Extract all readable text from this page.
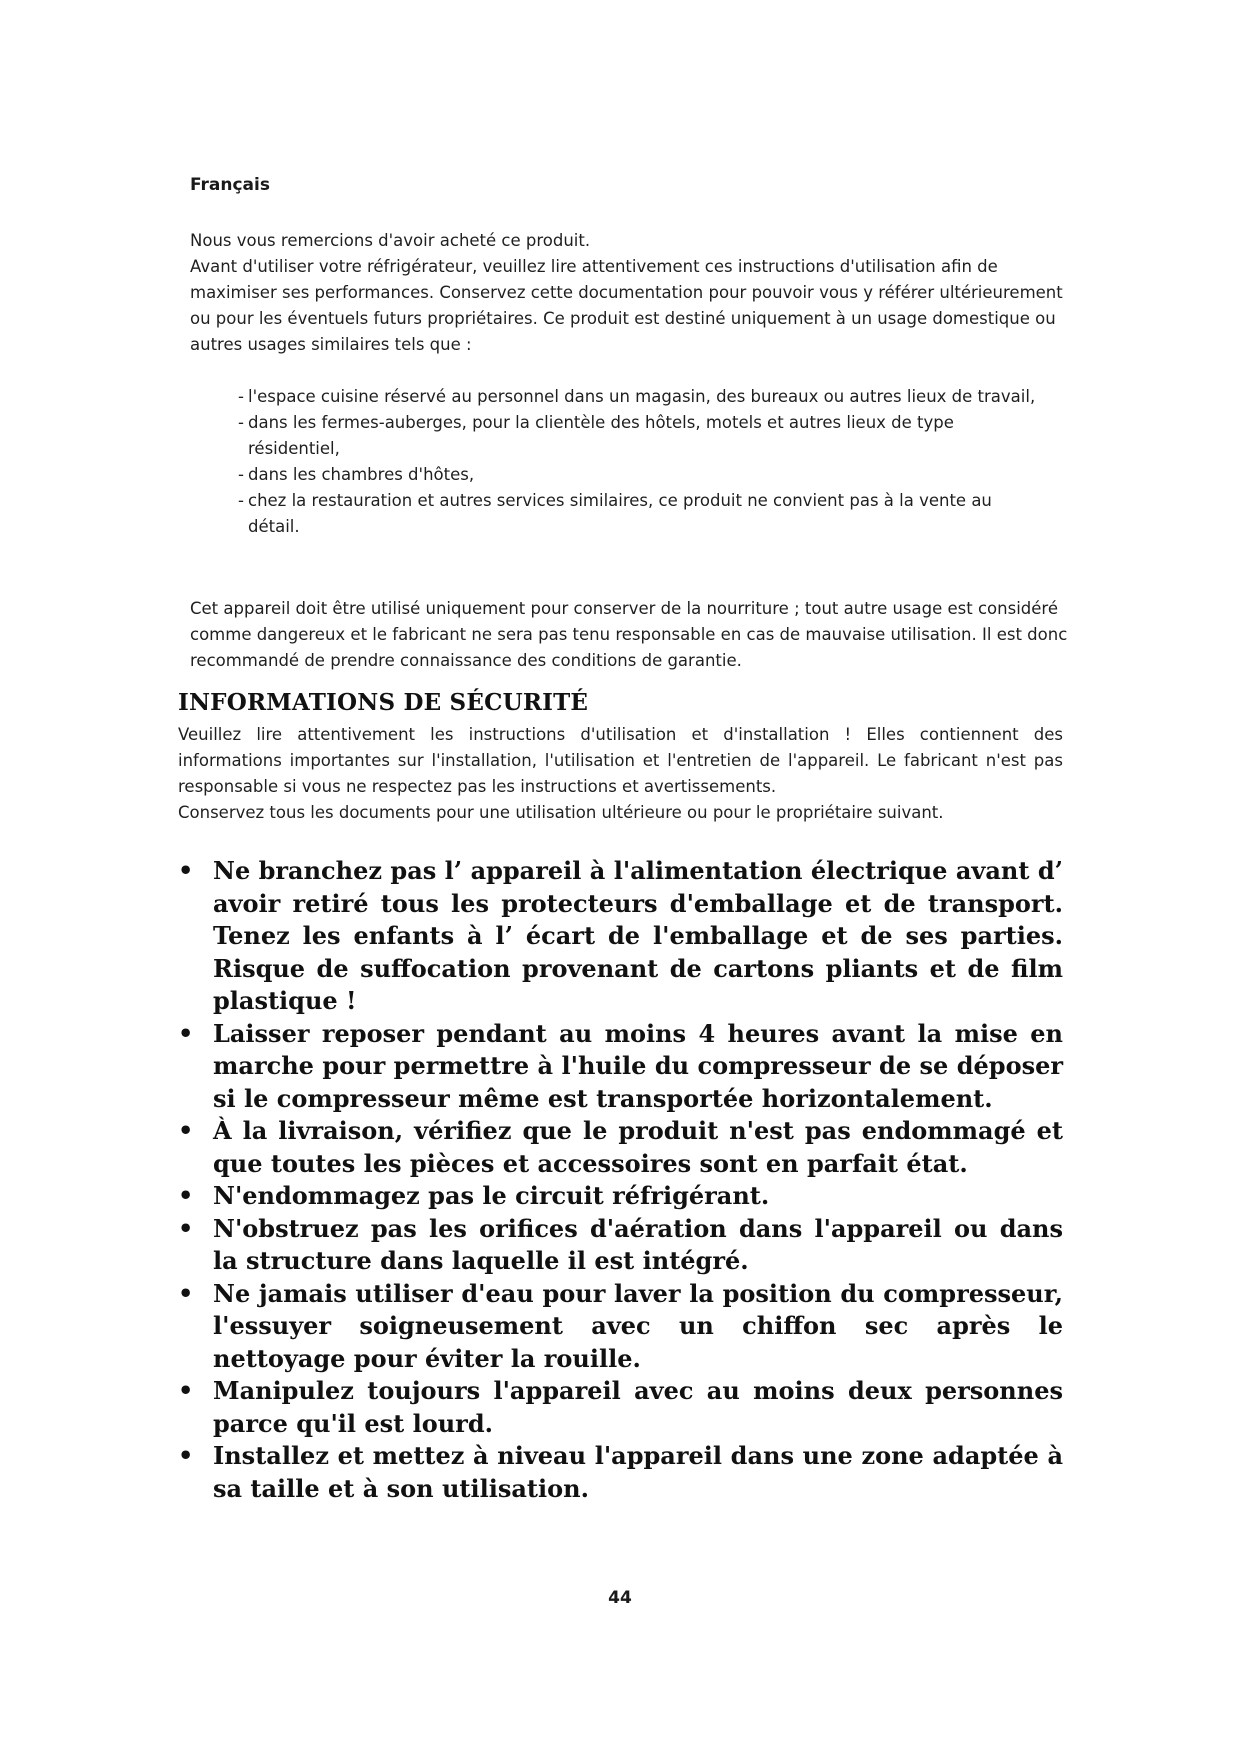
Français

Nous vous remercions d'avoir acheté ce produit.

Avant d'utiliser votre réfrigérateur, veuillez lire attentivement ces instructions d'utilisation afin de maximiser ses performances. Conservez cette documentation pour pouvoir vous y référer ultérieurement ou pour les éventuels futurs propriétaires. Ce produit est destiné uniquement à un usage domestique ou autres usages similaires tels que :

- l'espace cuisine réservé au personnel dans un magasin, des bureaux ou autres lieux de travail,
- dans les fermes-auberges, pour la clientèle des hôtels, motels et autres lieux de type résidentiel,
- dans les chambres d'hôtes,
- chez la restauration et autres services similaires, ce produit ne convient pas à la vente au détail.

Cet appareil doit être utilisé uniquement pour conserver de la nourriture ; tout autre usage est considéré comme dangereux et le fabricant ne sera pas tenu responsable en cas de mauvaise utilisation. Il est donc recommandé de prendre connaissance des conditions de garantie.

INFORMATIONS DE SÉCURITÉ

Veuillez lire attentivement les instructions d'utilisation et d'installation ! Elles contiennent des informations importantes sur l'installation, l'utilisation et l'entretien de l'appareil. Le fabricant n'est pas responsable si vous ne respectez pas les instructions et avertissements.

Conservez tous les documents pour une utilisation ultérieure ou pour le propriétaire suivant.

• Ne branchez pas l’ appareil à l'alimentation électrique avant d’ avoir retiré tous les protecteurs d'emballage et de transport. Tenez les enfants à l’ écart de l'emballage et de ses parties. Risque de suffocation provenant de cartons pliants et de film plastique !
• Laisser reposer pendant au moins 4 heures avant la mise en marche pour permettre à l'huile du compresseur de se déposer si le compresseur même est transportée horizontalement.
• À la livraison, vérifiez que le produit n'est pas endommagé et que toutes les pièces et accessoires sont en parfait état.
• N'endommagez pas le circuit réfrigérant.
• N'obstruez pas les orifices d'aération dans l'appareil ou dans la structure dans laquelle il est intégré.
• Ne jamais utiliser d'eau pour laver la position du compresseur, l'essuyer soigneusement avec un chiffon sec après le nettoyage pour éviter la rouille.
• Manipulez toujours l'appareil avec au moins deux personnes parce qu'il est lourd.
• Installez et mettez à niveau l'appareil dans une zone adaptée à sa taille et à son utilisation.
44
